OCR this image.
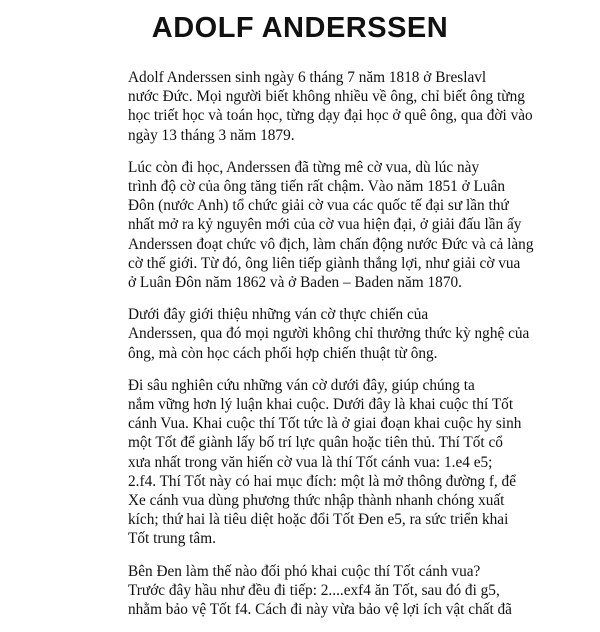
ADOLF ANDERSSEN

Adolf Anderssen sinh ngày 6 tháng 7 năm 1818 ở Breslavl
nước Đức. Mọi người biết không nhiều về ông, chỉ biết ông từng
học triết học và toán học, từng dạy đại học ở quê ông, qua đời vào
ngày 13 tháng 3 năm 1879.

Lúc còn đi học, Anderssen đã từng mê cờ vua, dù lúc này
trình độ cờ của ông tăng tiến rất chậm. Vào năm 1851 ở Luân
Đôn (nước Anh) tổ chức giải cờ vua các quốc tế đại sư lần thứ
nhất mở ra kỷ nguyên mới của cờ vua hiện đại, ở giải đấu lần ấy
Anderssen đoạt chức vô địch, làm chấn động nước Đức và cả làng
cờ thế giới. Từ đó, ông liên tiếp giành thắng lợi, như giải cờ vua
ở Luân Đôn năm 1862 và ở Baden – Baden năm 1870.

Dưới đây giới thiệu những ván cờ thực chiến của
Anderssen, qua đó mọi người không chỉ thưởng thức kỳ nghệ của
ông, mà còn học cách phối hợp chiến thuật từ ông.

Đi sâu nghiên cứu những ván cờ dưới đây, giúp chúng ta
nắm vững hơn lý luận khai cuộc. Dưới đây là khai cuộc thí Tốt
cánh Vua. Khai cuộc thí Tốt tức là ở giai đoạn khai cuộc hy sinh
một Tốt để giành lấy bố trí lực quân hoặc tiên thủ. Thí Tốt cổ
xưa nhất trong văn hiến cờ vua là thí Tốt cánh vua: 1.e4 e5;
2.f4. Thí Tốt này có hai mục đích: một là mở thông đường f, để
Xe cánh vua dùng phương thức nhập thành nhanh chóng xuất
kích; thứ hai là tiêu diệt hoặc đổi Tốt Đen e5, ra sức triển khai
Tốt trung tâm.

Bên Đen làm thế nào đối phó khai cuộc thí Tốt cánh vua?
Trước đây hầu như đều đi tiếp: 2....exf4 ăn Tốt, sau đó đi g5,
nhằm bảo vệ Tốt f4. Cách đi này vừa bảo vệ lợi ích vật chất đã
